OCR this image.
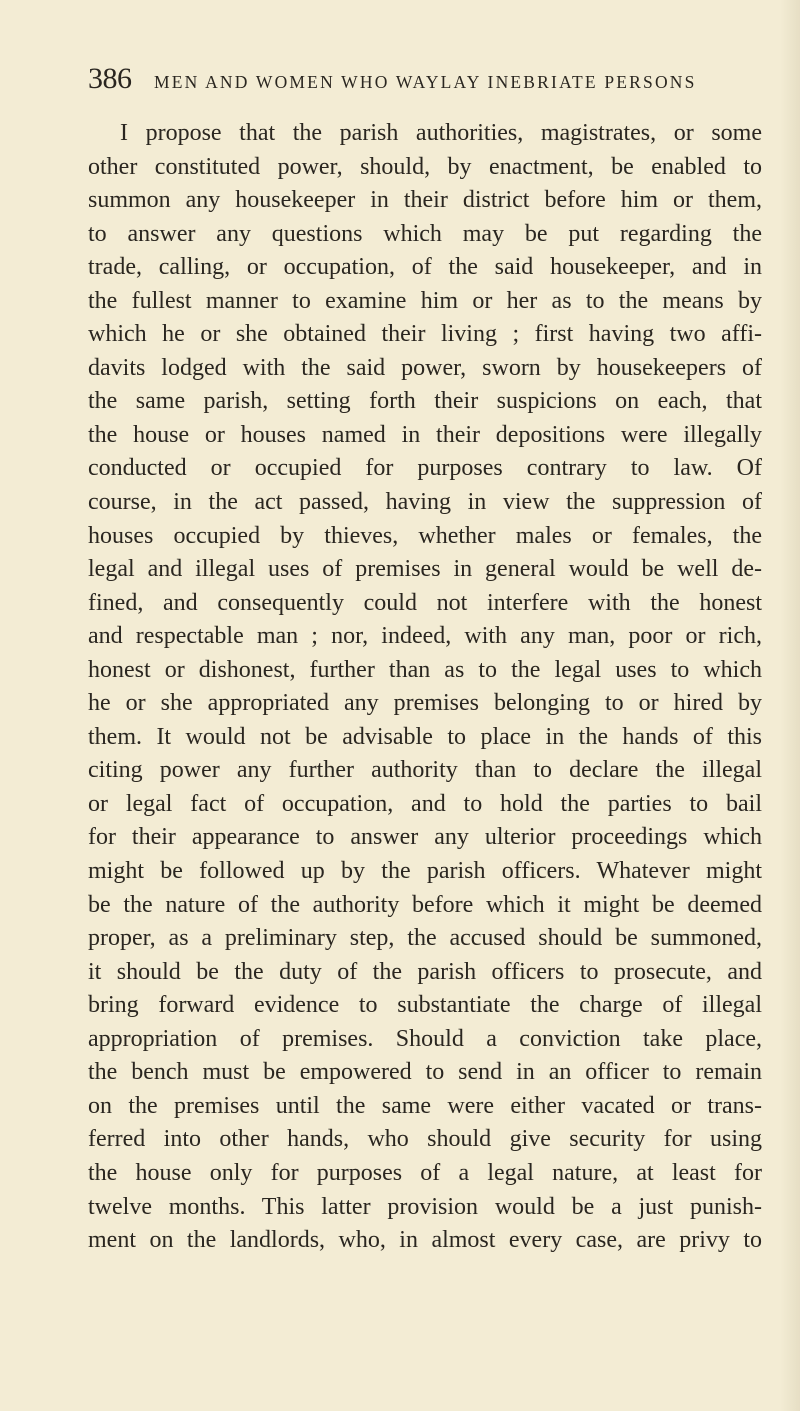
386 MEN AND WOMEN WHO WAYLAY INEBRIATE PERSONS
I propose that the parish authorities, magistrates, or some
other constituted power, should, by enactment, be enabled to
summon any housekeeper in their district before him or them,
to answer any questions which may be put regarding the
trade, calling, or occupation, of the said housekeeper, and in
the fullest manner to examine him or her as to the means by
which he or she obtained their living ; first having two affi-
davits lodged with the said power, sworn by housekeepers of
the same parish, setting forth their suspicions on each, that
the house or houses named in their depositions were illegally
conducted or occupied for purposes contrary to law. Of
course, in the act passed, having in view the suppression of
houses occupied by thieves, whether males or females, the
legal and illegal uses of premises in general would be well de-
fined, and consequently could not interfere with the honest
and respectable man ; nor, indeed, with any man, poor or rich,
honest or dishonest, further than as to the legal uses to which
he or she appropriated any premises belonging to or hired by
them. It would not be advisable to place in the hands of this
citing power any further authority than to declare the illegal
or legal fact of occupation, and to hold the parties to bail
for their appearance to answer any ulterior proceedings which
might be followed up by the parish officers. Whatever might
be the nature of the authority before which it might be deemed
proper, as a preliminary step, the accused should be summoned,
it should be the duty of the parish officers to prosecute, and
bring forward evidence to substantiate the charge of illegal
appropriation of premises. Should a conviction take place,
the bench must be empowered to send in an officer to remain
on the premises until the same were either vacated or trans-
ferred into other hands, who should give security for using
the house only for purposes of a legal nature, at least for
twelve months. This latter provision would be a just punish-
ment on the landlords, who, in almost every case, are privy to
